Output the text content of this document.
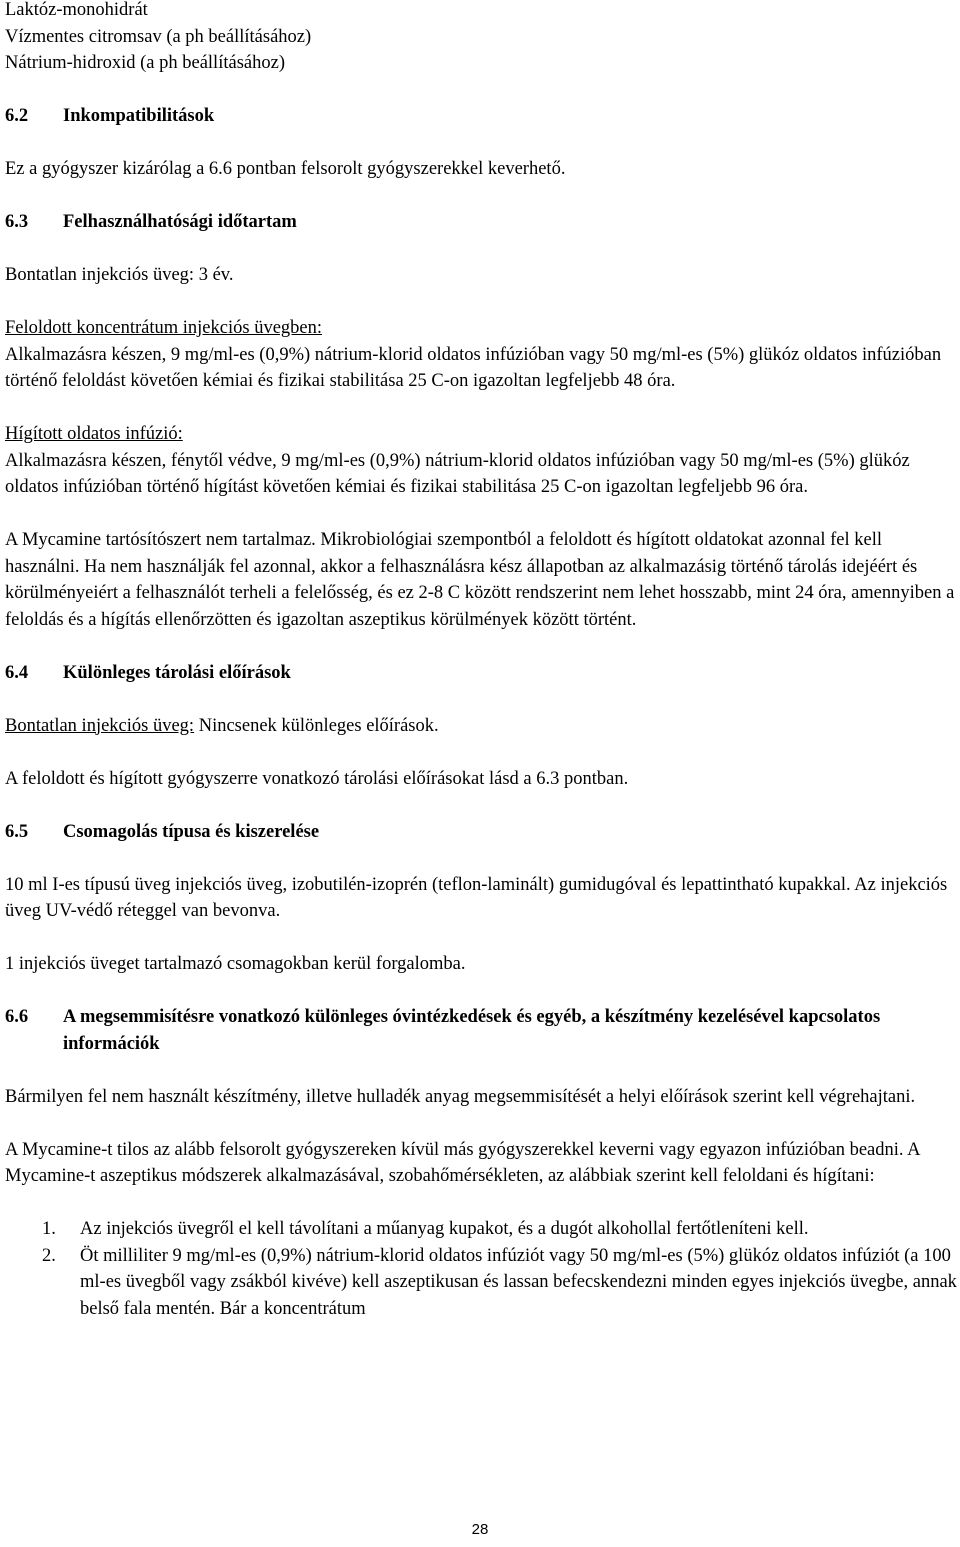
Laktóz-monohidrát

Vízmentes citromsav (a ph beállításához)

Nátrium-hidroxid (a ph beállításához)

6.2	Inkompatibilitások

Ez a gyógyszer kizárólag a 6.6 pontban felsorolt gyógyszerekkel keverhető.

6.3	Felhasználhatósági időtartam

Bontatlan injekciós üveg: 3 év.

Feloldott koncentrátum injekciós üvegben:

Alkalmazásra készen, 9 mg/ml-es (0,9%) nátrium-klorid oldatos infúzióban vagy 50 mg/ml-es (5%) glükóz oldatos infúzióban történő feloldást követően kémiai és fizikai stabilitása 25 C-on igazoltan legfeljebb 48 óra.

Hígított oldatos infúzió:

Alkalmazásra készen, fénytől védve, 9 mg/ml-es (0,9%) nátrium-klorid oldatos infúzióban vagy 50 mg/ml-es (5%) glükóz oldatos infúzióban történő hígítást követően kémiai és fizikai stabilitása 25 C-on igazoltan legfeljebb 96 óra.

A Mycamine tartósítószert nem tartalmaz. Mikrobiológiai szempontból a feloldott és hígított oldatokat azonnal fel kell használni. Ha nem használják fel azonnal, akkor a felhasználásra kész állapotban az alkalmazásig történő tárolás idejéért és körülményeiért a felhasználót terheli a felelősség, és ez 2-8 C között rendszerint nem lehet hosszabb, mint 24 óra, amennyiben a feloldás és a hígítás ellenőrzötten és igazoltan aszeptikus körülmények között történt.

6.4	Különleges tárolási előírások

Bontatlan injekciós üveg: Nincsenek különleges előírások.

A feloldott és hígított gyógyszerre vonatkozó tárolási előírásokat lásd a 6.3 pontban.

6.5	Csomagolás típusa és kiszerelése

10 ml I-es típusú üveg injekciós üveg, izobutilén-izoprén (teflon-laminált) gumidugóval és lepattintható kupakkal. Az injekciós üveg UV-védő réteggel van bevonva.

1 injekciós üveget tartalmazó csomagokban kerül forgalomba.

6.6	A megsemmisítésre vonatkozó különleges óvintézkedések és egyéb, a készítmény kezelésével kapcsolatos információk

Bármilyen fel nem használt készítmény, illetve hulladék anyag megsemmisítését a helyi előírások szerint kell végrehajtani.

A Mycamine-t tilos az alább felsorolt gyógyszereken kívül más gyógyszerekkel keverni vagy egyazon infúzióban beadni. A Mycamine-t aszeptikus módszerek alkalmazásával, szobahőmérsékleten, az alábbiak szerint kell feloldani és hígítani:

1.	Az injekciós üvegről el kell távolítani a műanyag kupakot, és a dugót alkohollal fertőtleníteni kell.
2.	Öt milliliter 9 mg/ml-es (0,9%) nátrium-klorid oldatos infúziót vagy 50 mg/ml-es (5%) glükóz oldatos infúziót (a 100 ml-es üvegből vagy zsákból kivéve) kell aszeptikusan és lassan befecskendezni minden egyes injekciós üvegbe, annak belső fala mentén. Bár a koncentrátum
28
